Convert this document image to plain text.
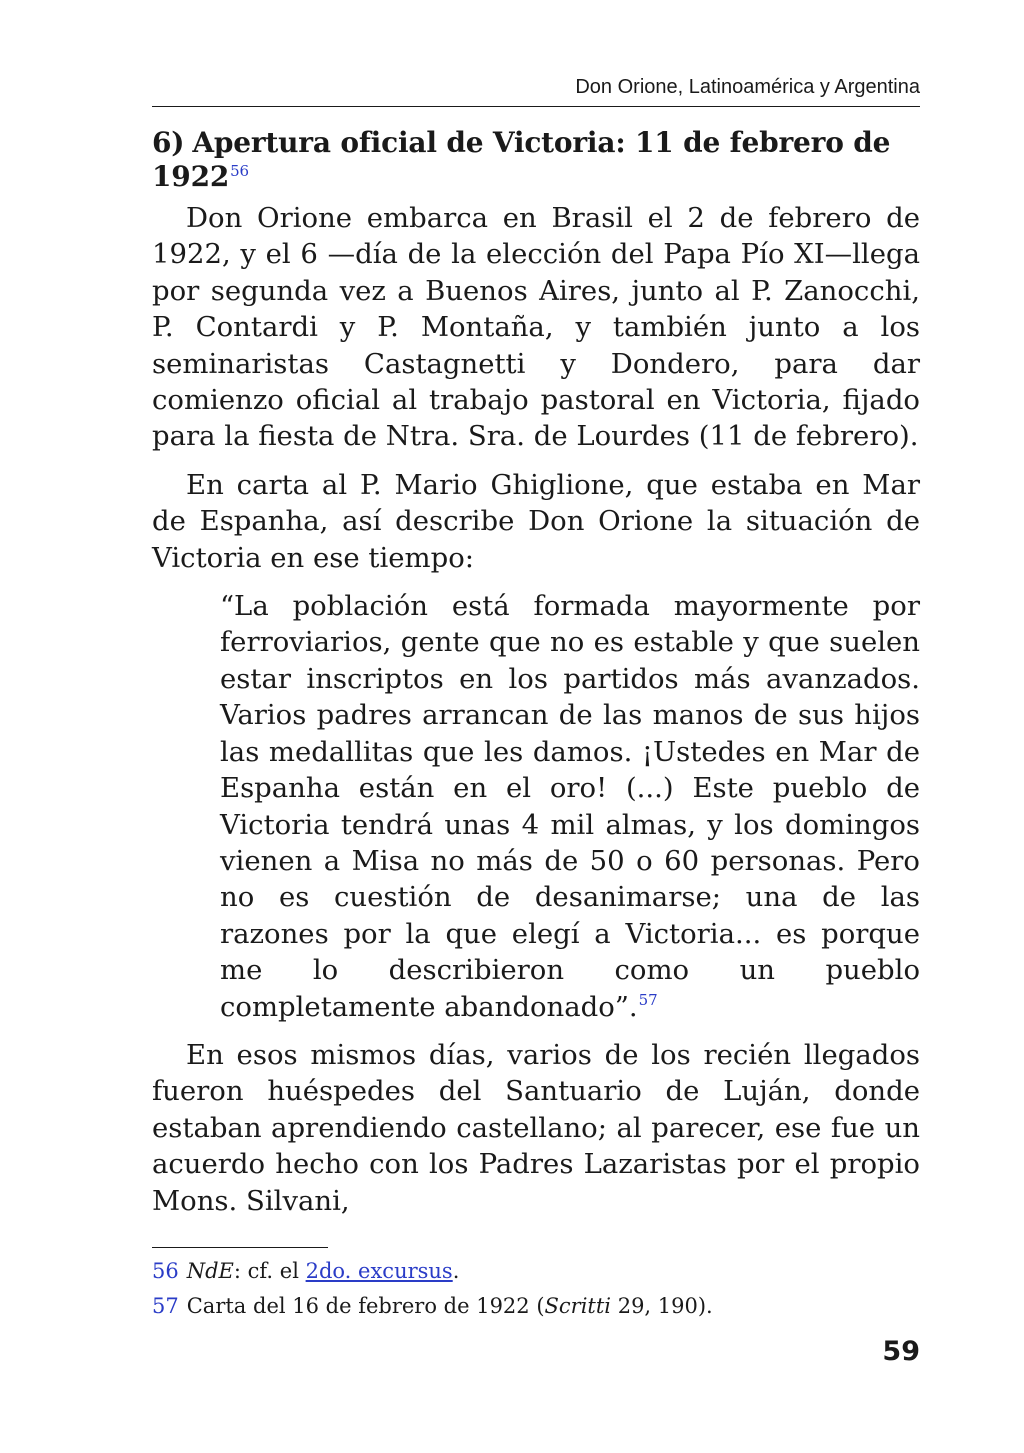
Don Orione, Latinoamérica y Argentina
6) Apertura oficial de Victoria: 11 de febrero de 1922$^{56}$

Don Orione embarca en Brasil el 2 de febrero de 1922, y el 6 —día de la elección del Papa Pío XI—llega por segunda vez a Buenos Aires, junto al P. Zanocchi, P. Contardi y P. Montaña, y también junto a los seminaristas Castagnetti y Dondero, para dar comienzo oficial al trabajo pastoral en Victoria, fijado para la fiesta de Ntra. Sra. de Lourdes (11 de febrero).

En carta al P. Mario Ghiglione, que estaba en Mar de Espanha, así describe Don Orione la situación de Victoria en ese tiempo:

“La población está formada mayormente por ferroviarios, gente que no es estable y que suelen estar inscriptos en los partidos más avanzados. Varios padres arrancan de las manos de sus hijos las medallitas que les damos. ¡Ustedes en Mar de Espanha están en el oro! (...) Este pueblo de Victoria tendrá unas 4 mil almas, y los domingos vienen a Misa no más de 50 o 60 personas. Pero no es cuestión de desanimarse; una de las razones por la que elegí a Victoria... es porque me lo describieron como un pueblo completamente abandonado”.$^{57}$

En esos mismos días, varios de los recién llegados fueron huéspedes del Santuario de Luján, donde estaban aprendiendo castellano; al parecer, ese fue un acuerdo hecho con los Padres Lazaristas por el propio Mons. Silvani,

56 NdE: cf. el 2do. excursus.
57 Carta del 16 de febrero de 1922 (Scritti 29, 190).
59
